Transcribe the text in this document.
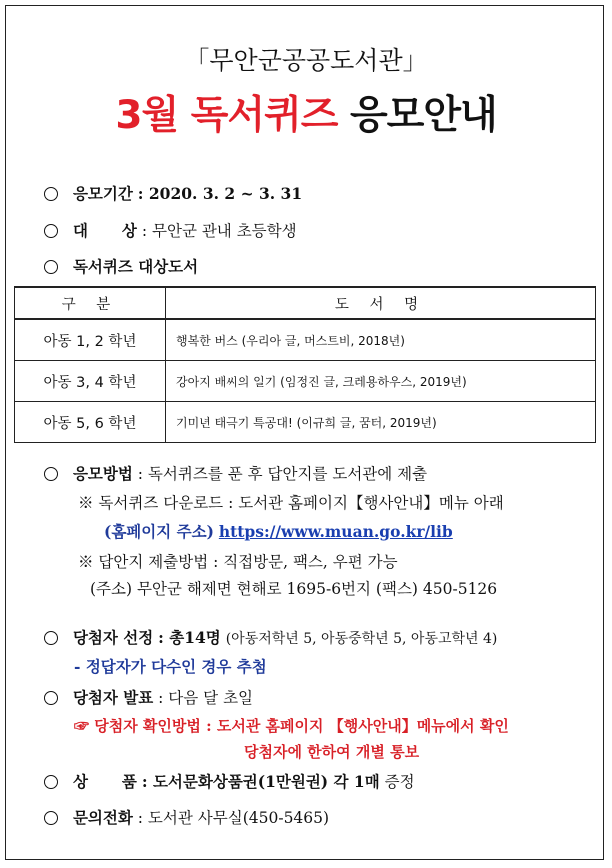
「무안군공공도서관」
3월 독서퀴즈 응모안내
응모기간 : 2020. 3. 2 ~ 3. 31
대 상 : 무안군 관내 초등학생
독서퀴즈 대상도서
구 분	도 서 명
아동 1, 2 학년	행복한 버스 (우리아 글, 머스트비, 2018년)
아동 3, 4 학년	강아지 배씨의 일기 (임정진 글, 크레용하우스, 2019년)
아동 5, 6 학년	기미년 태극기 특공대! (이규희 글, 꿈터, 2019년)
응모방법 : 독서퀴즈를 푼 후 답안지를 도서관에 제출
※ 독서퀴즈 다운로드 : 도서관 홈페이지【행사안내】메뉴 아래
(홈페이지 주소) https://www.muan.go.kr/lib
※ 답안지 제출방법 : 직접방문, 팩스, 우편 가능
(주소) 무안군 해제면 현해로 1695-6번지 (팩스) 450-5126
당첨자 선정 : 총14명 (아동저학년 5, 아동중학년 5, 아동고학년 4)
- 정답자가 다수인 경우 추첨
당첨자 발표 : 다음 달 초일
☞ 당첨자 확인방법 : 도서관 홈페이지 【행사안내】메뉴에서 확인
당첨자에 한하여 개별 통보
상 품 : 도서문화상품권(1만원권) 각 1매 증정
문의전화 : 도서관 사무실(450-5465)
